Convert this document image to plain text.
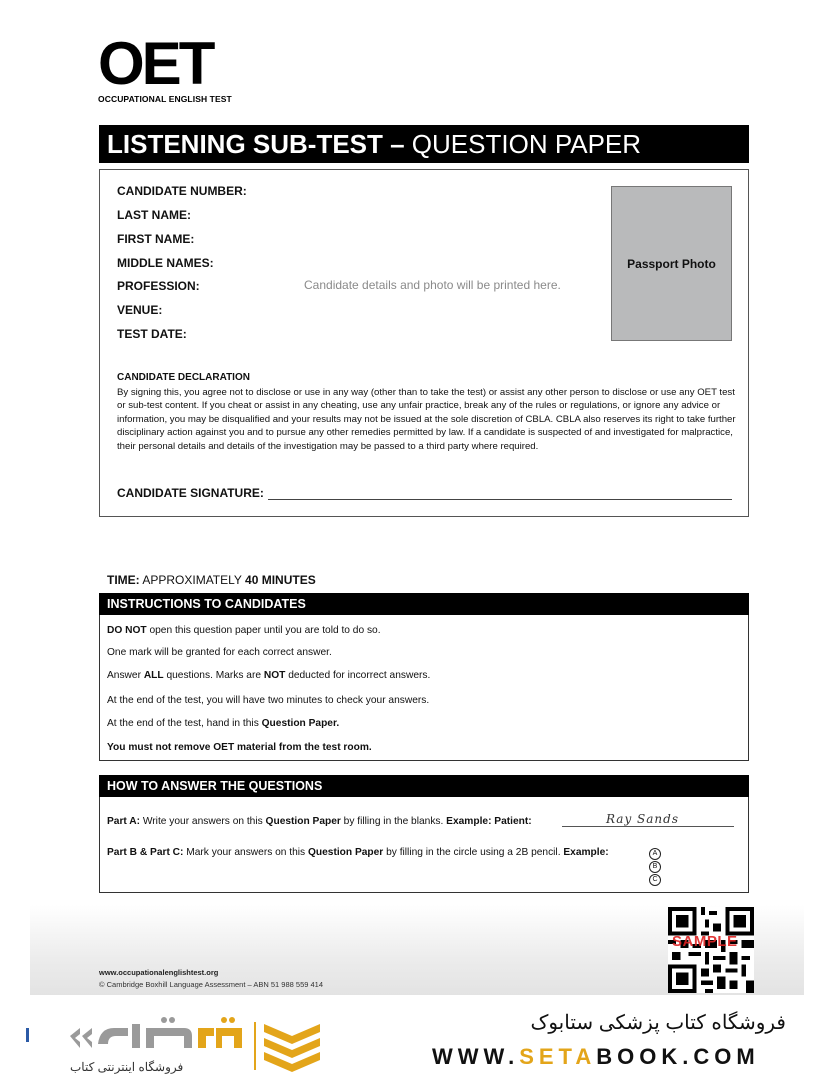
OET
OCCUPATIONAL ENGLISH TEST
LISTENING SUB-TEST – QUESTION PAPER
CANDIDATE NUMBER:
LAST NAME:
FIRST NAME:
MIDDLE NAMES:
PROFESSION:
VENUE:
TEST DATE:
Candidate details and photo will be printed here.
Passport Photo
CANDIDATE DECLARATION
By signing this, you agree not to disclose or use in any way (other than to take the test) or assist any other person to disclose or use any OET test or sub-test content. If you cheat or assist in any cheating, use any unfair practice, break any of the rules or regulations, or ignore any advice or information, you may be disqualified and your results may not be issued at the sole discretion of CBLA. CBLA also reserves its right to take further disciplinary action against you and to pursue any other remedies permitted by law. If a candidate is suspected of and investigated for malpractice, their personal details and details of the investigation may be passed to a third party where required.
CANDIDATE SIGNATURE:
TIME: APPROXIMATELY 40 MINUTES
INSTRUCTIONS TO CANDIDATES
DO NOT open this question paper until you are told to do so.
One mark will be granted for each correct answer.
Answer ALL questions. Marks are NOT deducted for incorrect answers.
At the end of the test, you will have two minutes to check your answers.
At the end of the test, hand in this Question Paper.
You must not remove OET material from the test room.
HOW TO ANSWER THE QUESTIONS
Part A: Write your answers on this Question Paper by filling in the blanks. Example: Patient:	Ray Sands
Part B & Part C: Mark your answers on this Question Paper by filling in the circle using a 2B pencil. Example:	A
B
C
www.occupationalenglishtest.org
© Cambridge Boxhill Language Assessment – ABN 51 988 559 414
SAMPLE
فروشگاه اینترنتی کتاب
فروشگاه کتاب پزشکی ستابوک
WWW.SETABOOK.COM
